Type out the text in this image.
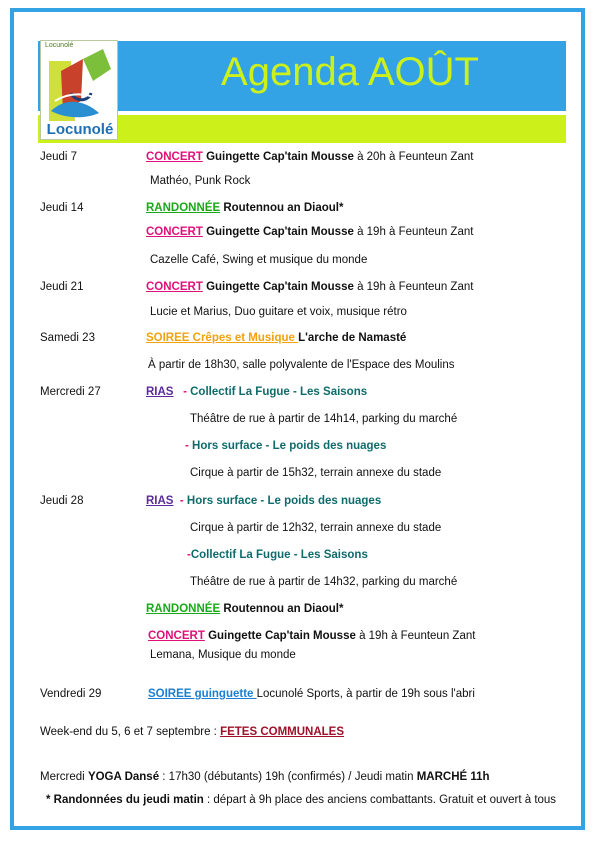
Agenda AOÛT
Locunolé
Locunolé
Jeudi 7	CONCERT Guingette Cap'tain Mousse à 20h à Feunteun Zant
Mathéo, Punk Rock
Jeudi 14	RANDONNÉE Routennou an Diaoul*
CONCERT Guingette Cap'tain Mousse à 19h à Feunteun Zant
Cazelle Café, Swing et musique du monde
Jeudi 21	CONCERT Guingette Cap'tain Mousse à 19h à Feunteun Zant
Lucie et Marius, Duo guitare et voix, musique rétro
Samedi 23	SOIREE Crêpes et Musique L'arche de Namasté
À partir de 18h30, salle polyvalente de l'Espace des Moulins
Mercredi 27	RIAS - Collectif La Fugue - Les Saisons
Théâtre de rue à partir de 14h14, parking du marché
- Hors surface - Le poids des nuages
Cirque à partir de 15h32, terrain annexe du stade
Jeudi 28	RIAS - Hors surface - Le poids des nuages
Cirque à partir de 12h32, terrain annexe du stade
-Collectif La Fugue - Les Saisons
Théâtre de rue à partir de 14h32, parking du marché
RANDONNÉE Routennou an Diaoul*
CONCERT Guingette Cap'tain Mousse à 19h à Feunteun Zant
Lemana, Musique du monde
Vendredi 29	SOIREE guinguette Locunolé Sports, à partir de 19h sous l'abri
Week-end du 5, 6 et 7 septembre : FETES COMMUNALES
Mercredi YOGA Dansé : 17h30 (débutants) 19h (confirmés) / Jeudi matin MARCHÉ 11h
* Randonnées du jeudi matin : départ à 9h place des anciens combattants. Gratuit et ouvert à tous
